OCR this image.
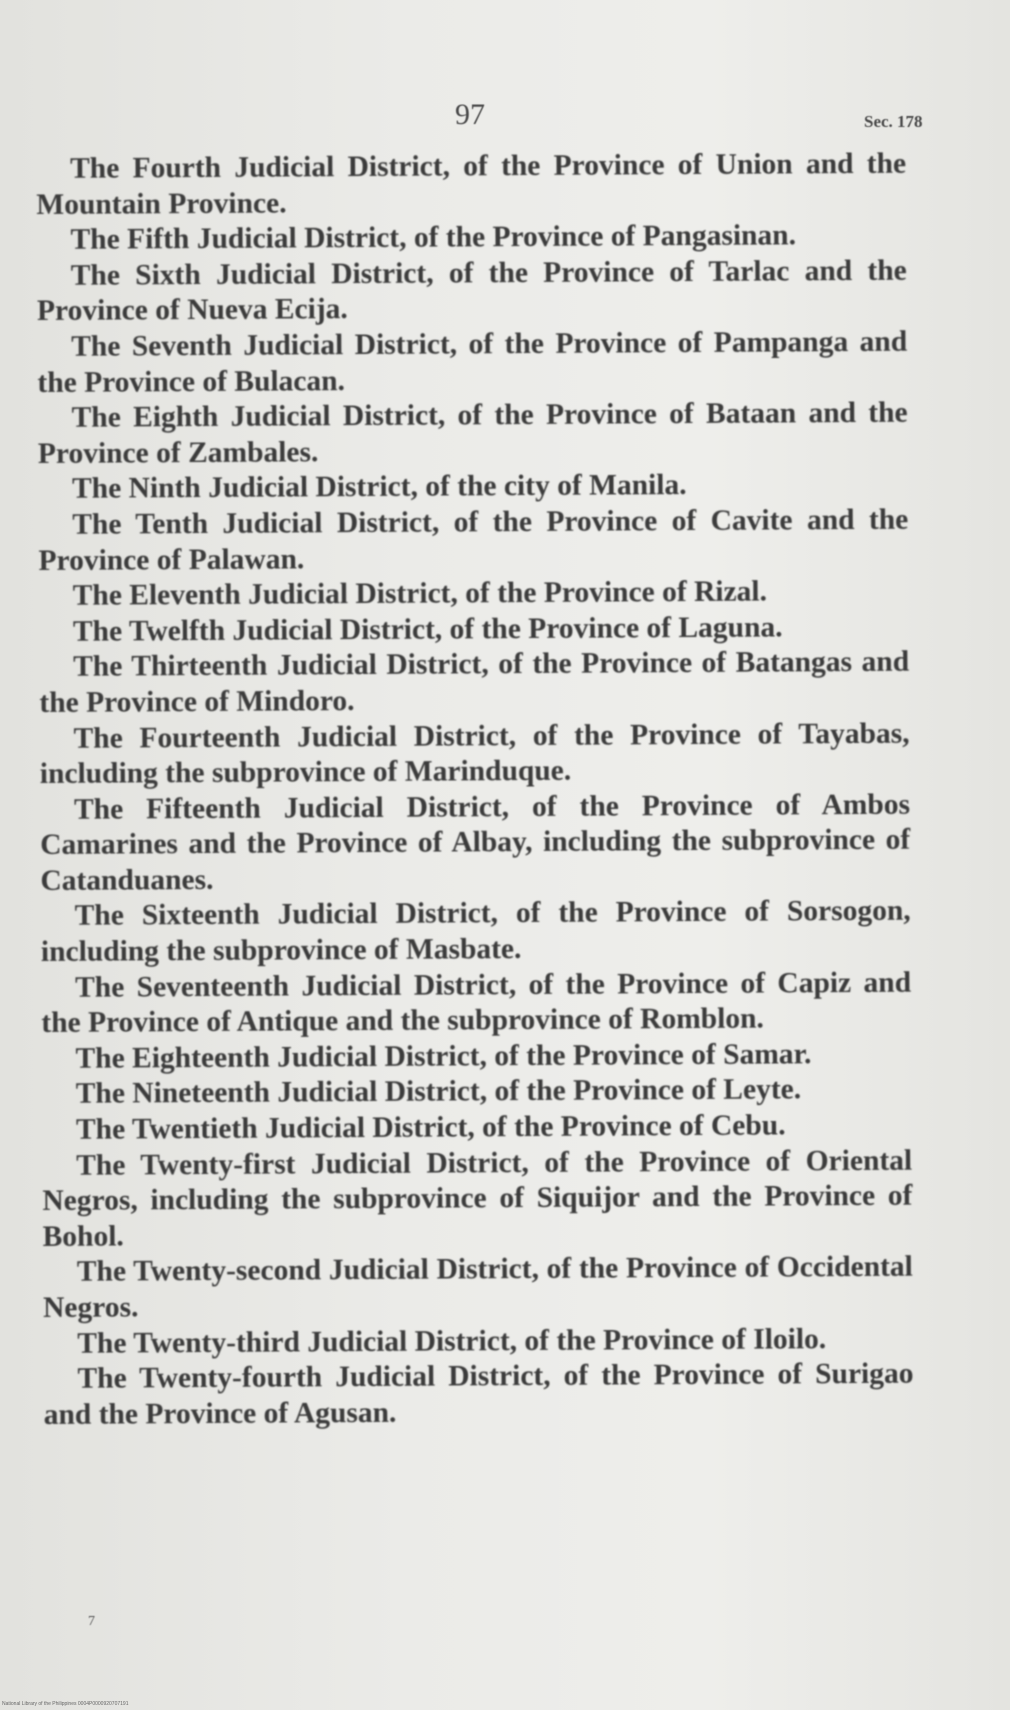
97	Sec. 178

The Fourth Judicial District, of the Province of Union and the Mountain Province.

The Fifth Judicial District, of the Province of Pangasinan.

The Sixth Judicial District, of the Province of Tarlac and the Province of Nueva Ecija.

The Seventh Judicial District, of the Province of Pampanga and the Province of Bulacan.

The Eighth Judicial District, of the Province of Bataan and the Province of Zambales.

The Ninth Judicial District, of the city of Manila.

The Tenth Judicial District, of the Province of Cavite and the Province of Palawan.

The Eleventh Judicial District, of the Province of Rizal.

The Twelfth Judicial District, of the Province of Laguna.

The Thirteenth Judicial District, of the Province of Batangas and the Province of Mindoro.

The Fourteenth Judicial District, of the Province of Tayabas, including the subprovince of Marinduque.

The Fifteenth Judicial District, of the Province of Ambos Camarines and the Province of Albay, including the subprovince of Catanduanes.

The Sixteenth Judicial District, of the Province of Sorsogon, including the subprovince of Masbate.

The Seventeenth Judicial District, of the Province of Capiz and the Province of Antique and the subprovince of Romblon.

The Eighteenth Judicial District, of the Province of Samar.

The Nineteenth Judicial District, of the Province of Leyte.

The Twentieth Judicial District, of the Province of Cebu.

The Twenty-first Judicial District, of the Province of Oriental Negros, including the subprovince of Siquijor and the Province of Bohol.

The Twenty-second Judicial District, of the Province of Occidental Negros.

The Twenty-third Judicial District, of the Province of Iloilo.

The Twenty-fourth Judicial District, of the Province of Surigao and the Province of Agusan.

7
National Library of the Philippines 0004P0000920707191
